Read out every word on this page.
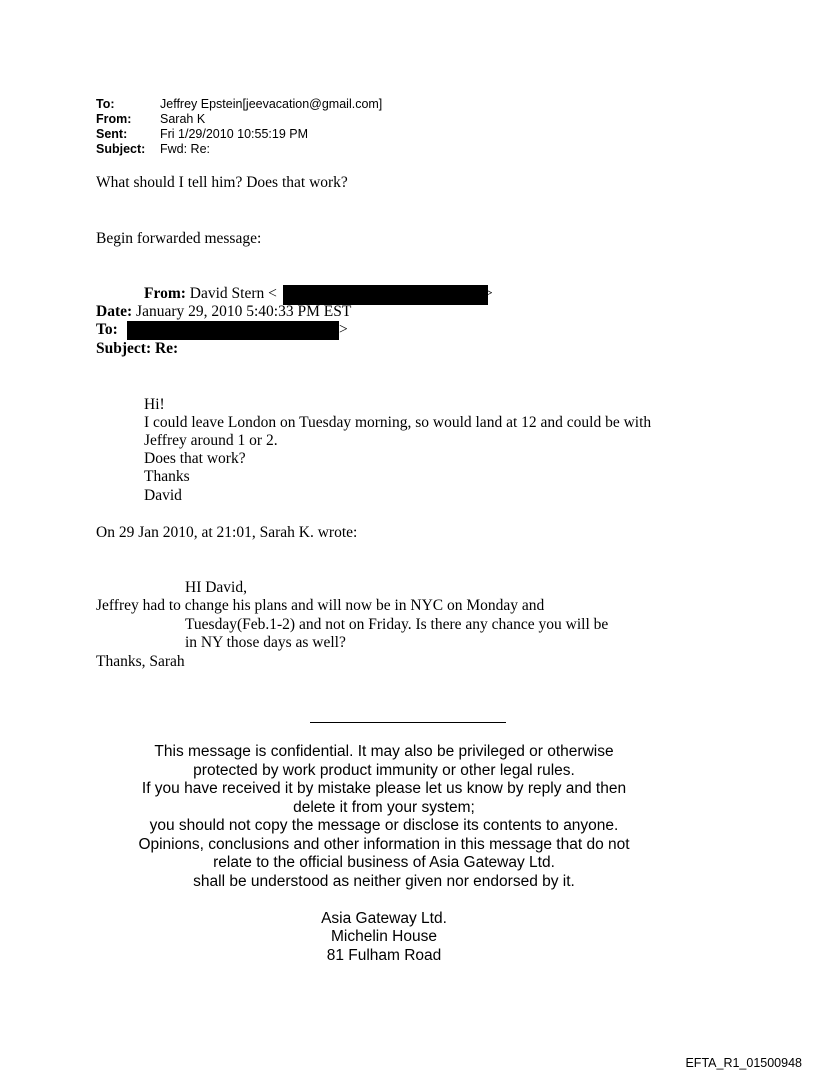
To:	Jeffrey Epstein[jeevacation@gmail.com]
From: Sarah K
Sent:	Fri 1/29/2010 10:55:19 PM
Subject: Fwd: Re:
What should I tell him? Does that work?
Begin forwarded message:
From: David Stern <	>
Date: January 29, 2010 5:40:33 PM EST
To:	>
Subject: Re:
Hi!
I could leave London on Tuesday morning, so would land at 12 and could be with
Jeffrey around 1 or 2.
Does that work?
Thanks
David
On 29 Jan 2010, at 21:01, Sarah K. wrote:
HI David,
Jeffrey had to change his plans and will now be in NYC on Monday and
Tuesday(Feb.1-2) and not on Friday. Is there any chance you will be
in NY those days as well?
Thanks, Sarah
This message is confidential. It may also be privileged or otherwise
protected by work product immunity or other legal rules.
If you have received it by mistake please let us know by reply and then
delete it from your system;
you should not copy the message or disclose its contents to anyone.
Opinions, conclusions and other information in this message that do not
relate to the official business of Asia Gateway Ltd.
shall be understood as neither given nor endorsed by it.
Asia Gateway Ltd.
Michelin House
81 Fulham Road
EFTA_R1_01500948
